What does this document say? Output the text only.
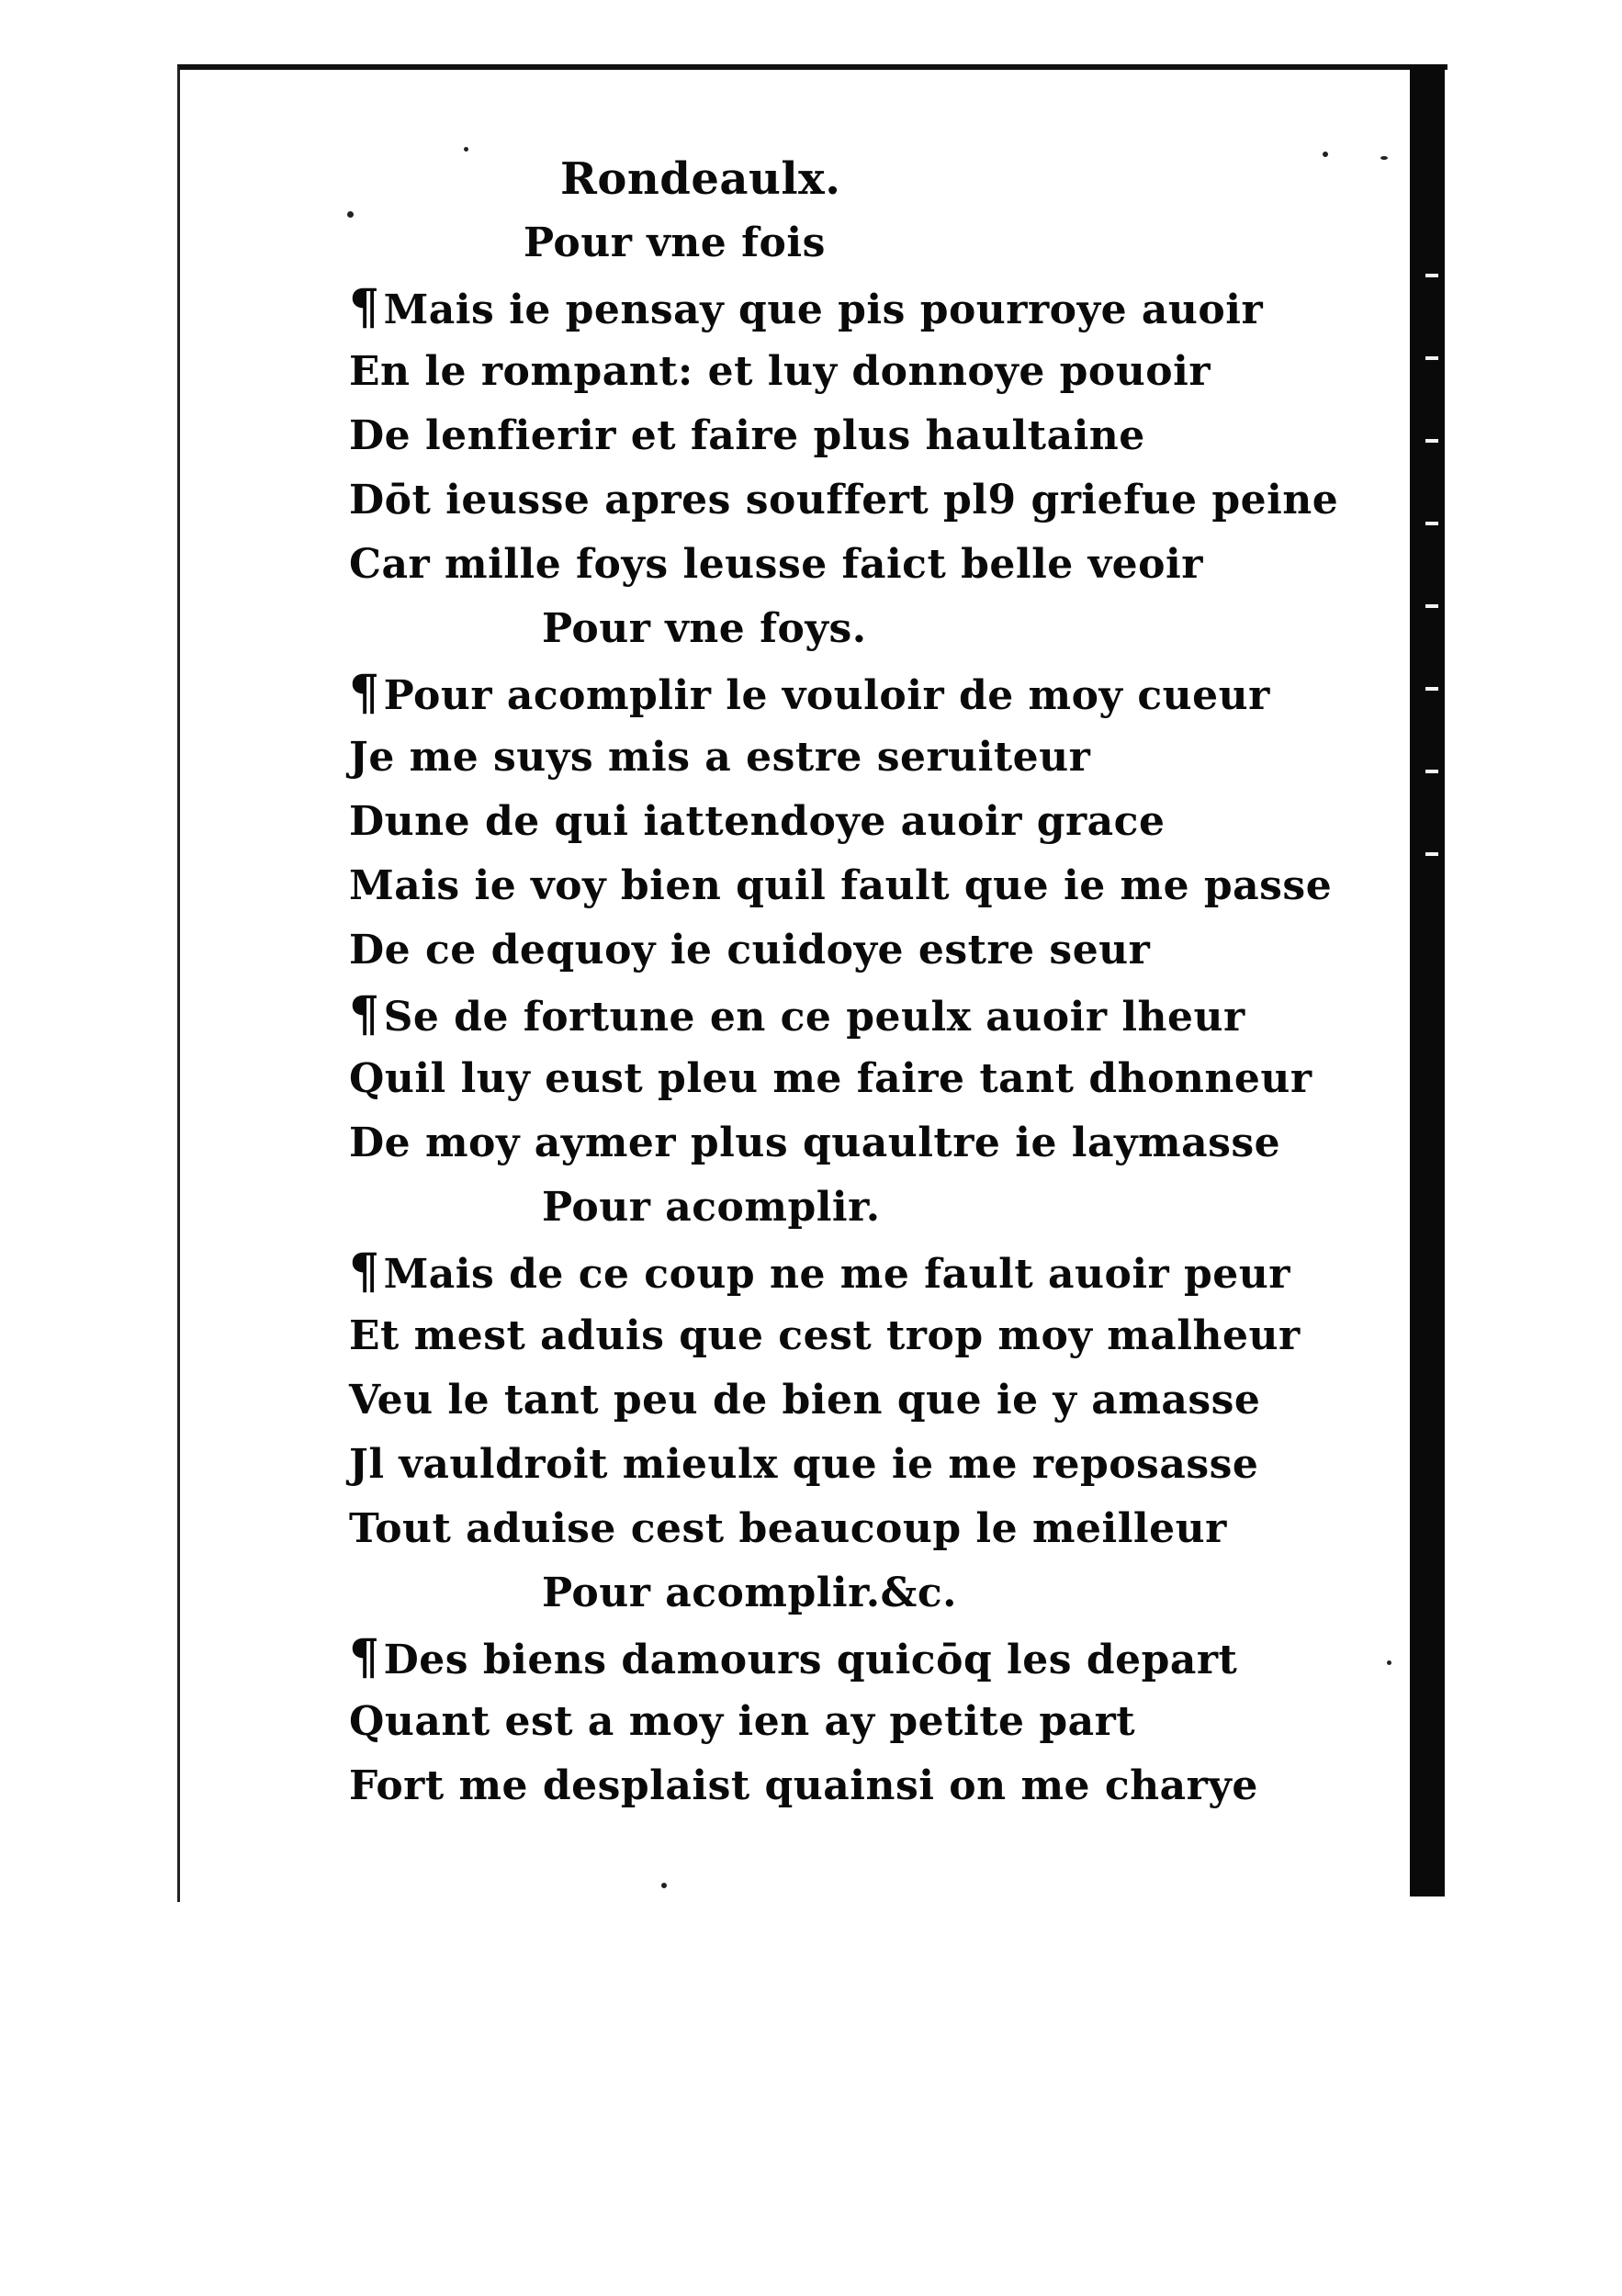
Rondeaulx.
Pour vne fois
¶Mais ie pensay que pis pourroye auoir
En le rompant: et luy donnoye pouoir
De lenfierir et faire plus haultaine
Dōt ieusse apres souffert pl9 griefue peine
Car mille foys leusse faict belle veoir
Pour vne foys.
¶Pour acomplir le vouloir de moy cueur
Je me suys mis a estre seruiteur
Dune de qui iattendoye auoir grace
Mais ie voy bien quil fault que ie me passe
De ce dequoy ie cuidoye estre seur
¶Se de fortune en ce peulx auoir lheur
Quil luy eust pleu me faire tant dhonneur
De moy aymer plus quaultre ie laymasse
Pour acomplir.
¶Mais de ce coup ne me fault auoir peur
Et mest aduis que cest trop moy malheur
Veu le tant peu de bien que ie y amasse
Jl vauldroit mieulx que ie me reposasse
Tout aduise cest beaucoup le meilleur
Pour acomplir.&c.
¶Des biens damours quicōq les depart
Quant est a moy ien ay petite part
Fort me desplaist quainsi on me charye
